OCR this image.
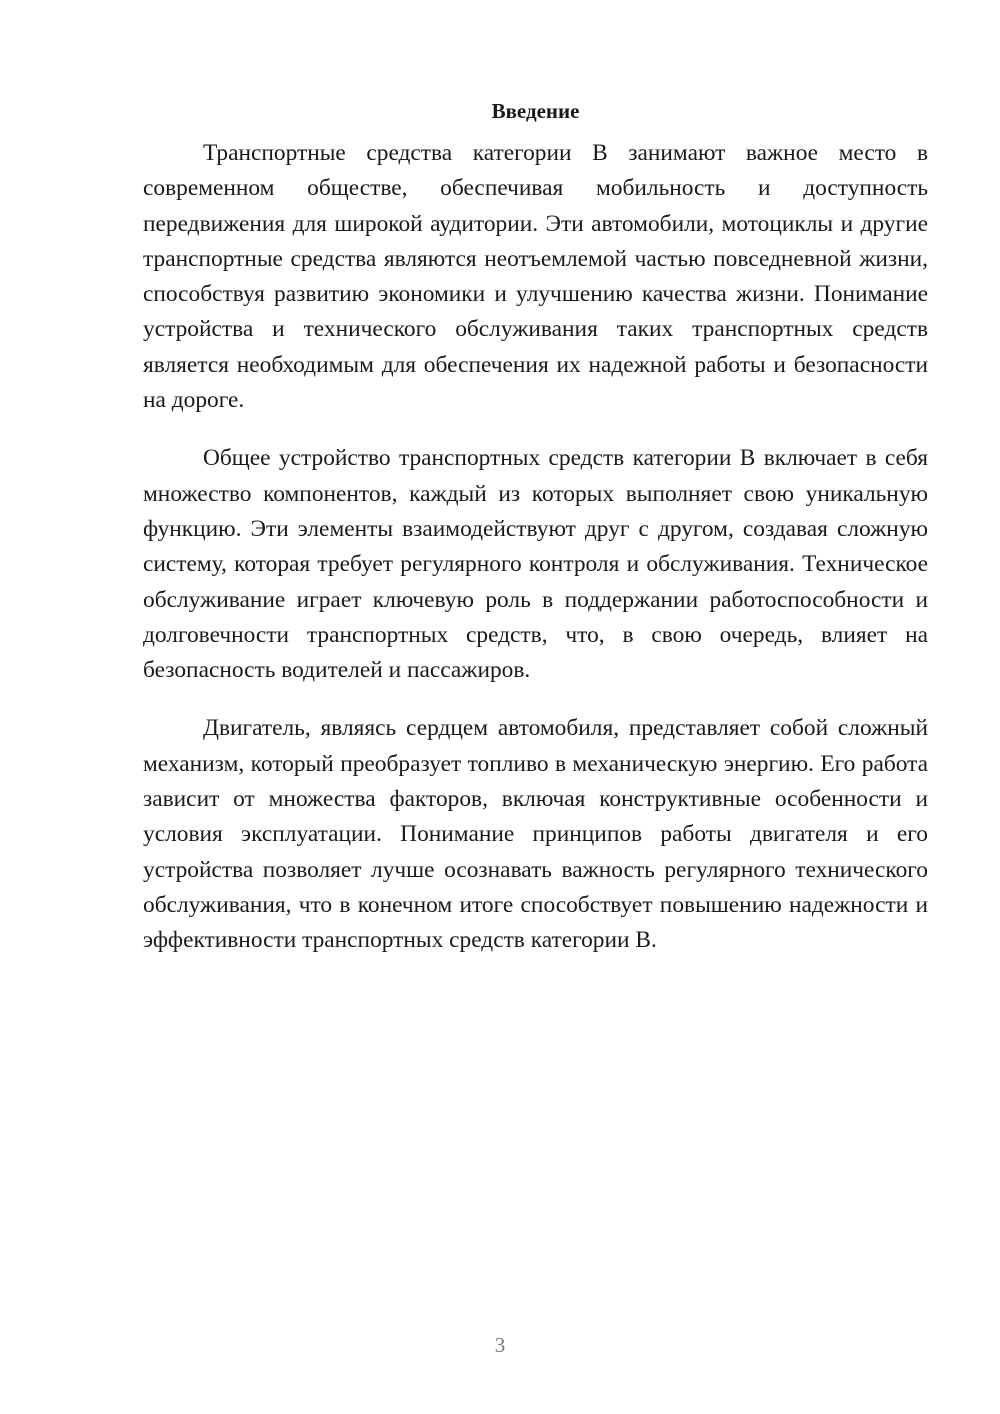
Введение

Транспортные средства категории B занимают важное место в современном обществе, обеспечивая мобильность и доступность передвижения для широкой аудитории. Эти автомобили, мотоциклы и другие транспортные средства являются неотъемлемой частью повседневной жизни, способствуя развитию экономики и улучшению качества жизни. Понимание устройства и технического обслуживания таких транспортных средств является необходимым для обеспечения их надежной работы и безопасности на дороге.

Общее устройство транспортных средств категории B включает в себя множество компонентов, каждый из которых выполняет свою уникальную функцию. Эти элементы взаимодействуют друг с другом, создавая сложную систему, которая требует регулярного контроля и обслуживания. Техническое обслуживание играет ключевую роль в поддержании работоспособности и долговечности транспортных средств, что, в свою очередь, влияет на безопасность водителей и пассажиров.

Двигатель, являясь сердцем автомобиля, представляет собой сложный механизм, который преобразует топливо в механическую энергию. Его работа зависит от множества факторов, включая конструктивные особенности и условия эксплуатации. Понимание принципов работы двигателя и его устройства позволяет лучше осознавать важность регулярного технического обслуживания, что в конечном итоге способствует повышению надежности и эффективности транспортных средств категории B.

3
